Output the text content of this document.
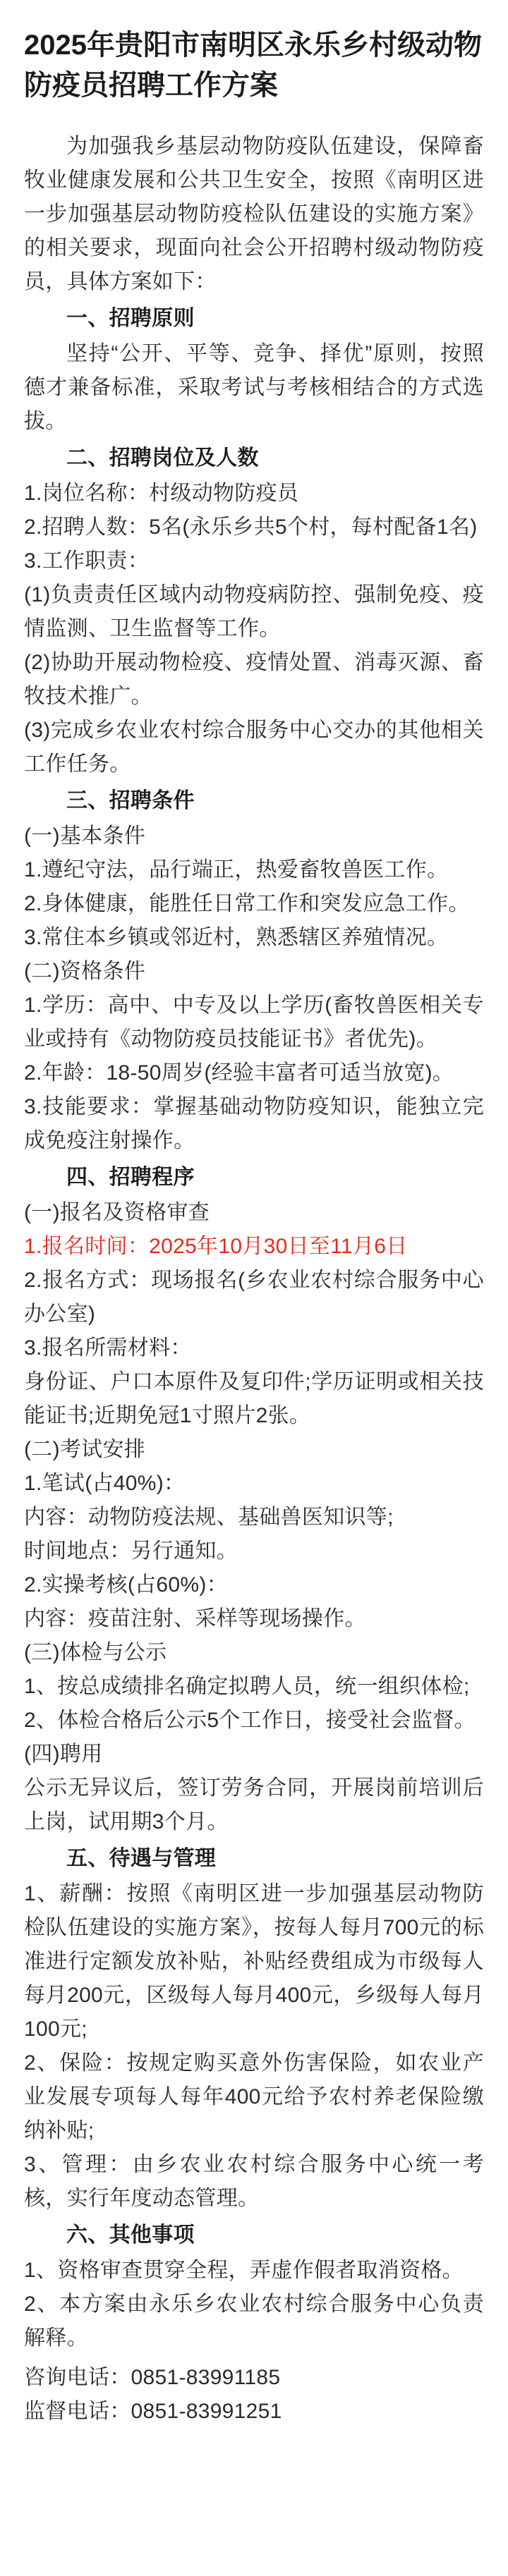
2025年贵阳市南明区永乐乡村级动物防疫员招聘工作方案

为加强我乡基层动物防疫队伍建设，保障畜牧业健康发展和公共卫生安全，按照《南明区进一步加强基层动物防疫检队伍建设的实施方案》的相关要求，现面向社会公开招聘村级动物防疫员，具体方案如下：

一、招聘原则

坚持“公开、平等、竞争、择优”原则，按照德才兼备标准，采取考试与考核相结合的方式选拔。

二、招聘岗位及人数

1.岗位名称：村级动物防疫员

2.招聘人数：5名(永乐乡共5个村，每村配备1名)

3.工作职责：

(1)负责责任区域内动物疫病防控、强制免疫、疫情监测、卫生监督等工作。

(2)协助开展动物检疫、疫情处置、消毒灭源、畜牧技术推广。

(3)完成乡农业农村综合服务中心交办的其他相关工作任务。

三、招聘条件

(一)基本条件

1.遵纪守法，品行端正，热爱畜牧兽医工作。

2.身体健康，能胜任日常工作和突发应急工作。

3.常住本乡镇或邻近村，熟悉辖区养殖情况。

(二)资格条件

1.学历：高中、中专及以上学历(畜牧兽医相关专业或持有《动物防疫员技能证书》者优先)。

2.年龄：18-50周岁(经验丰富者可适当放宽)。

3.技能要求：掌握基础动物防疫知识，能独立完成免疫注射操作。

四、招聘程序

(一)报名及资格审查

1.报名时间：2025年10月30日至11月6日

2.报名方式：现场报名(乡农业农村综合服务中心办公室)

3.报名所需材料：

身份证、户口本原件及复印件;学历证明或相关技能证书;近期免冠1寸照片2张。

(二)考试安排

1.笔试(占40%)：

内容：动物防疫法规、基础兽医知识等;

时间地点：另行通知。

2.实操考核(占60%)：

内容：疫苗注射、采样等现场操作。

(三)体检与公示

1、按总成绩排名确定拟聘人员，统一组织体检;

2、体检合格后公示5个工作日，接受社会监督。

(四)聘用

公示无异议后，签订劳务合同，开展岗前培训后上岗，试用期3个月。

五、待遇与管理

1、薪酬：按照《南明区进一步加强基层动物防检队伍建设的实施方案》，按每人每月700元的标准进行定额发放补贴，补贴经费组成为市级每人每月200元，区级每人每月400元，乡级每人每月100元;

2、保险：按规定购买意外伤害保险，如农业产业发展专项每人每年400元给予农村养老保险缴纳补贴;

3、管理：由乡农业农村综合服务中心统一考核，实行年度动态管理。

六、其他事项

1、资格审查贯穿全程，弄虚作假者取消资格。

2、本方案由永乐乡农业农村综合服务中心负责解释。

咨询电话：0851-83991185

监督电话：0851-83991251
